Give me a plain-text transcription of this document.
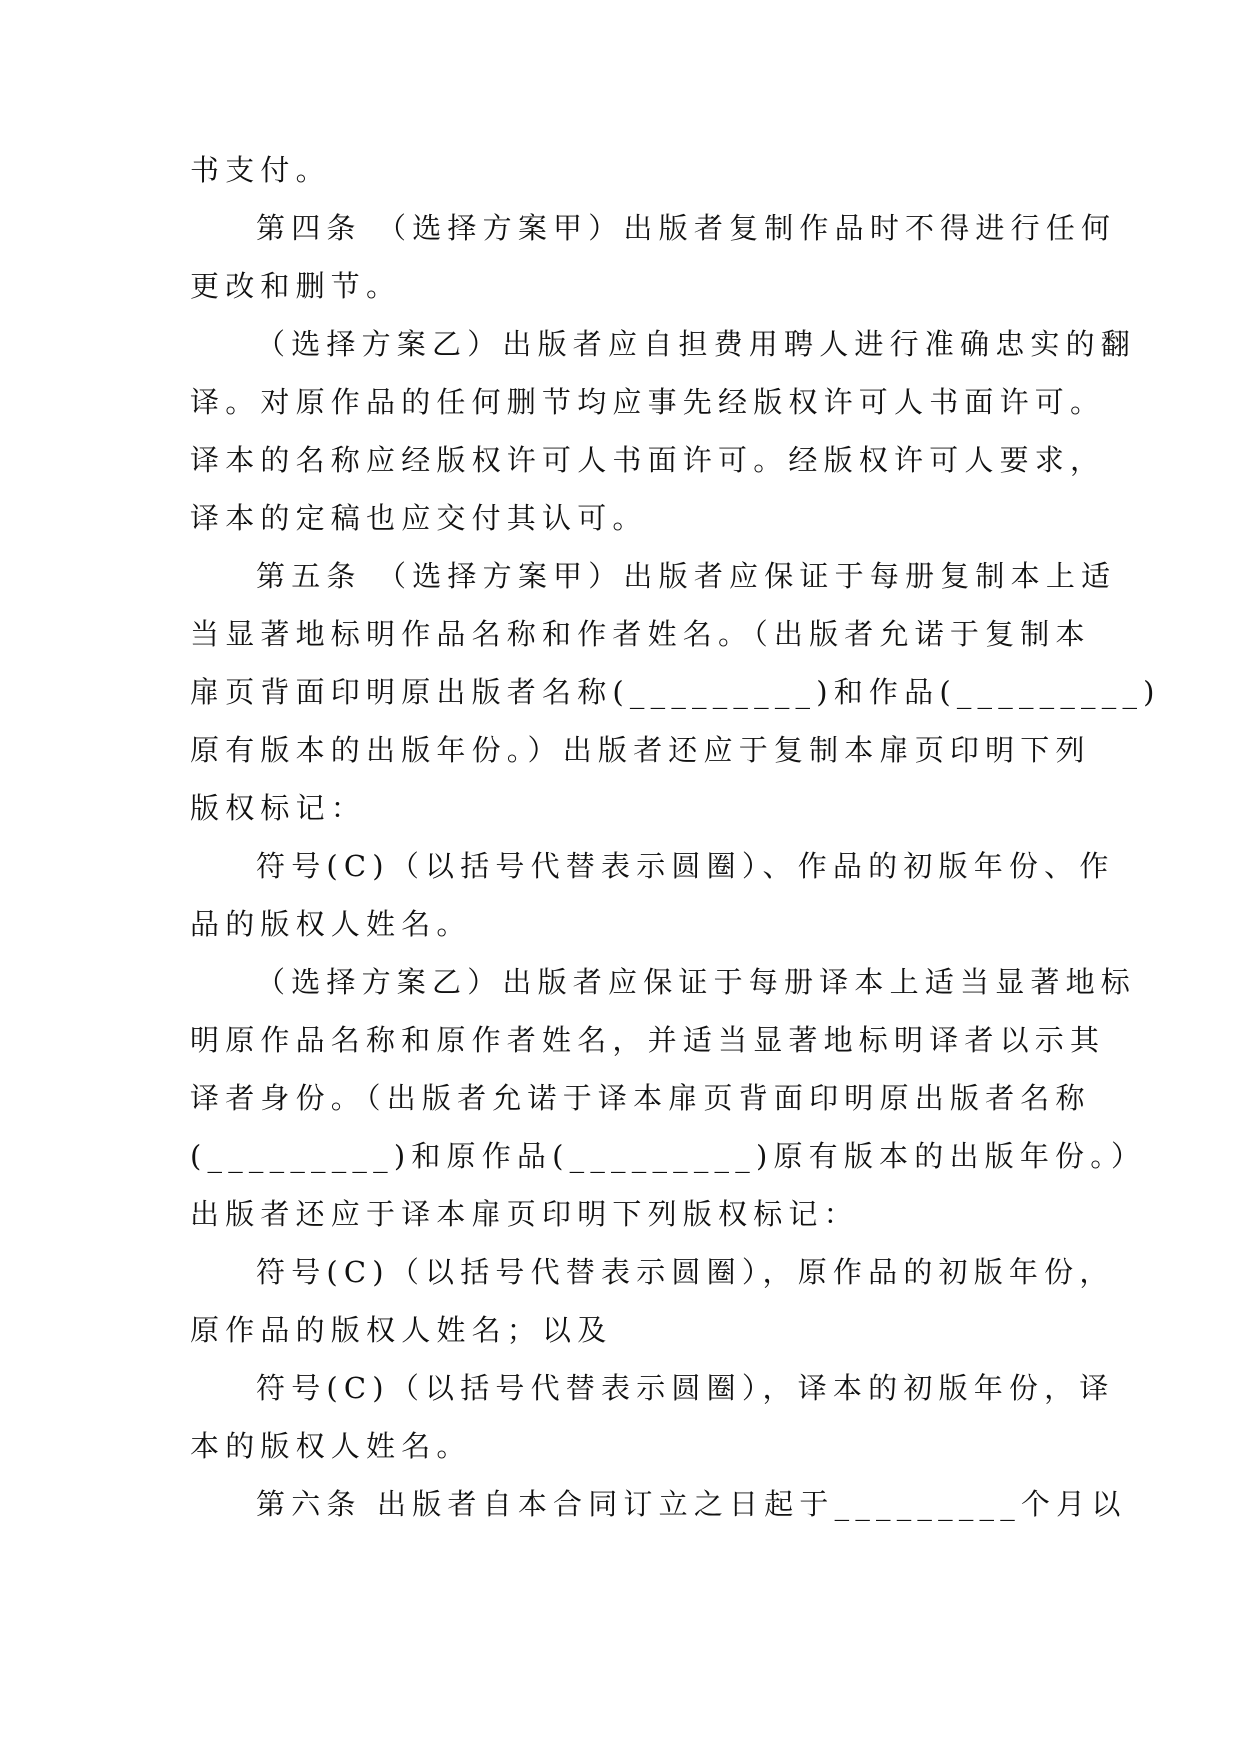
书支付。
第四条 （选择方案甲）出版者复制作品时不得进行任何
更改和删节。
（选择方案乙）出版者应自担费用聘人进行准确忠实的翻
译。对原作品的任何删节均应事先经版权许可人书面许可。
译本的名称应经版权许可人书面许可。经版权许可人要求，
译本的定稿也应交付其认可。
第五条 （选择方案甲）出版者应保证于每册复制本上适
当显著地标明作品名称和作者姓名。（出版者允诺于复制本
扉页背面印明原出版者名称(_________)和作品(_________)
原有版本的出版年份。）出版者还应于复制本扉页印明下列
版权标记：
符号(C)（以括号代替表示圆圈）、作品的初版年份、作
品的版权人姓名。
（选择方案乙）出版者应保证于每册译本上适当显著地标
明原作品名称和原作者姓名，并适当显著地标明译者以示其
译者身份。（出版者允诺于译本扉页背面印明原出版者名称
(_________)和原作品(_________)原有版本的出版年份。）
出版者还应于译本扉页印明下列版权标记：
符号(C)（以括号代替表示圆圈），原作品的初版年份，
原作品的版权人姓名；以及
符号(C)（以括号代替表示圆圈），译本的初版年份，译
本的版权人姓名。
第六条 出版者自本合同订立之日起于_________个月以
